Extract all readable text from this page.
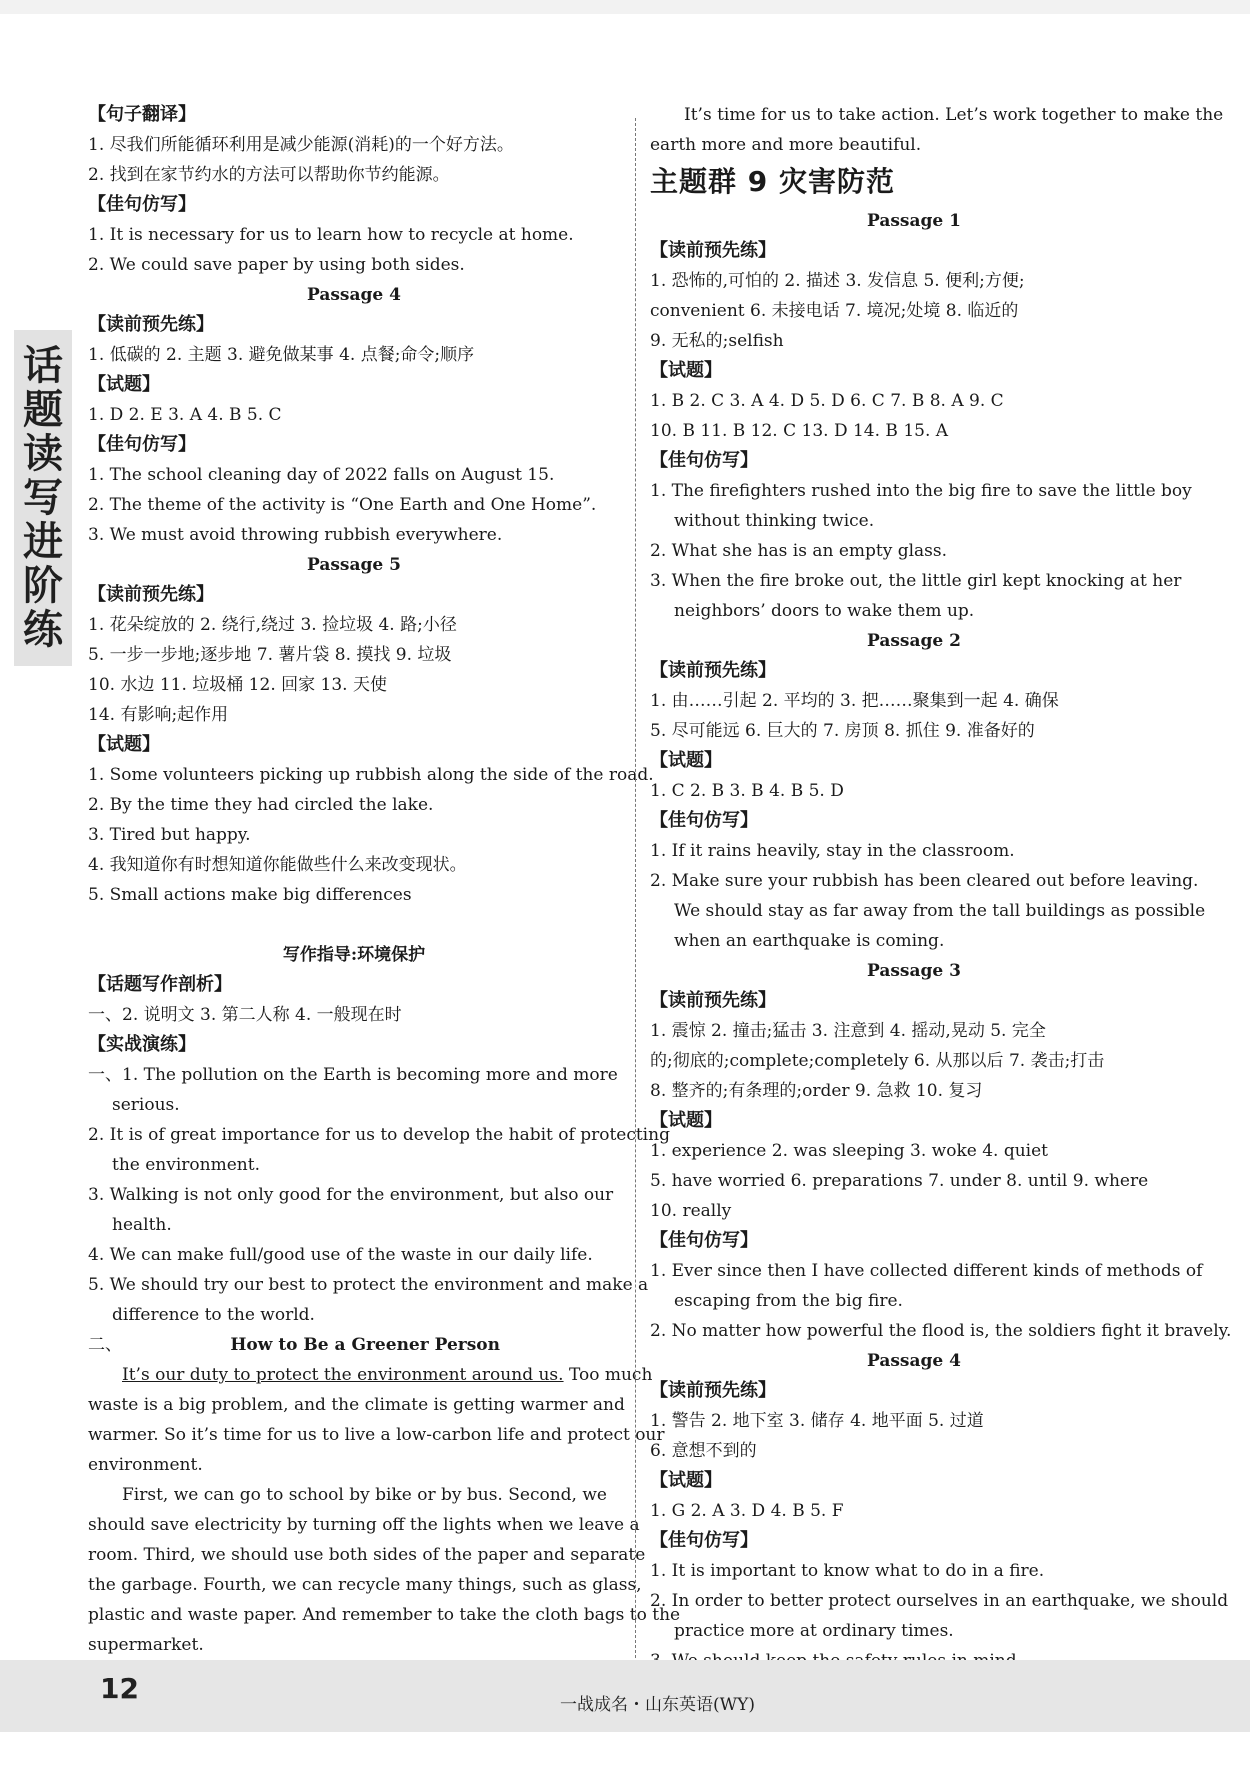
话
题
读
写
进
阶
练
【句子翻译】
1. 尽我们所能循环利用是减少能源(消耗)的一个好方法。
2. 找到在家节约水的方法可以帮助你节约能源。
【佳句仿写】
1. It is necessary for us to learn how to recycle at home.
2. We could save paper by using both sides.
Passage 4
【读前预先练】
1. 低碳的 2. 主题 3. 避免做某事 4. 点餐;命令;顺序
【试题】
1. D 2. E 3. A 4. B 5. C
【佳句仿写】
1. The school cleaning day of 2022 falls on August 15.
2. The theme of the activity is “One Earth and One Home”.
3. We must avoid throwing rubbish everywhere.
Passage 5
【读前预先练】
1. 花朵绽放的 2. 绕行,绕过 3. 捡垃圾 4. 路;小径
5. 一步一步地;逐步地 7. 薯片袋 8. 摸找 9. 垃圾
10. 水边 11. 垃圾桶 12. 回家 13. 天使
14. 有影响;起作用
【试题】
1. Some volunteers picking up rubbish along the side of the road.
2. By the time they had circled the lake.
3. Tired but happy.
4. 我知道你有时想知道你能做些什么来改变现状。
5. Small actions make big differences
写作指导:环境保护
【话题写作剖析】
一、2. 说明文 3. 第二人称 4. 一般现在时
【实战演练】
一、1. The pollution on the Earth is becoming more and more
serious.
2. It is of great importance for us to develop the habit of protecting
the environment.
3. Walking is not only good for the environment, but also our
health.
4. We can make full/good use of the waste in our daily life.
5. We should try our best to protect the environment and make a
difference to the world.
二、	How to Be a Greener Person
It’s our duty to protect the environment around us. Too much
waste is a big problem, and the climate is getting warmer and
warmer. So it’s time for us to live a low-carbon life and protect our
environment.
First, we can go to school by bike or by bus. Second, we
should save electricity by turning off the lights when we leave a
room. Third, we should use both sides of the paper and separate
the garbage. Fourth, we can recycle many things, such as glass,
plastic and waste paper. And remember to take the cloth bags to the
supermarket.
It’s time for us to take action. Let’s work together to make the
earth more and more beautiful.
主题群 9 灾害防范
Passage 1
【读前预先练】
1. 恐怖的,可怕的 2. 描述 3. 发信息 5. 便利;方便;
convenient 6. 未接电话 7. 境况;处境 8. 临近的
9. 无私的;selfish
【试题】
1. B 2. C 3. A 4. D 5. D 6. C 7. B 8. A 9. C
10. B 11. B 12. C 13. D 14. B 15. A
【佳句仿写】
1. The firefighters rushed into the big fire to save the little boy
without thinking twice.
2. What she has is an empty glass.
3. When the fire broke out, the little girl kept knocking at her
neighbors’ doors to wake them up.
Passage 2
【读前预先练】
1. 由……引起 2. 平均的 3. 把……聚集到一起 4. 确保
5. 尽可能远 6. 巨大的 7. 房顶 8. 抓住 9. 准备好的
【试题】
1. C 2. B 3. B 4. B 5. D
【佳句仿写】
1. If it rains heavily, stay in the classroom.
2. Make sure your rubbish has been cleared out before leaving.
We should stay as far away from the tall buildings as possible
when an earthquake is coming.
Passage 3
【读前预先练】
1. 震惊 2. 撞击;猛击 3. 注意到 4. 摇动,晃动 5. 完全
的;彻底的;complete;completely 6. 从那以后 7. 袭击;打击
8. 整齐的;有条理的;order 9. 急救 10. 复习
【试题】
1. experience 2. was sleeping 3. woke 4. quiet
5. have worried 6. preparations 7. under 8. until 9. where
10. really
【佳句仿写】
1. Ever since then I have collected different kinds of methods of
escaping from the big fire.
2. No matter how powerful the flood is, the soldiers fight it bravely.
Passage 4
【读前预先练】
1. 警告 2. 地下室 3. 储存 4. 地平面 5. 过道
6. 意想不到的
【试题】
1. G 2. A 3. D 4. B 5. F
【佳句仿写】
1. It is important to know what to do in a fire.
2. In order to better protect ourselves in an earthquake, we should
practice more at ordinary times.
12	一战成名・山东英语(WY)
